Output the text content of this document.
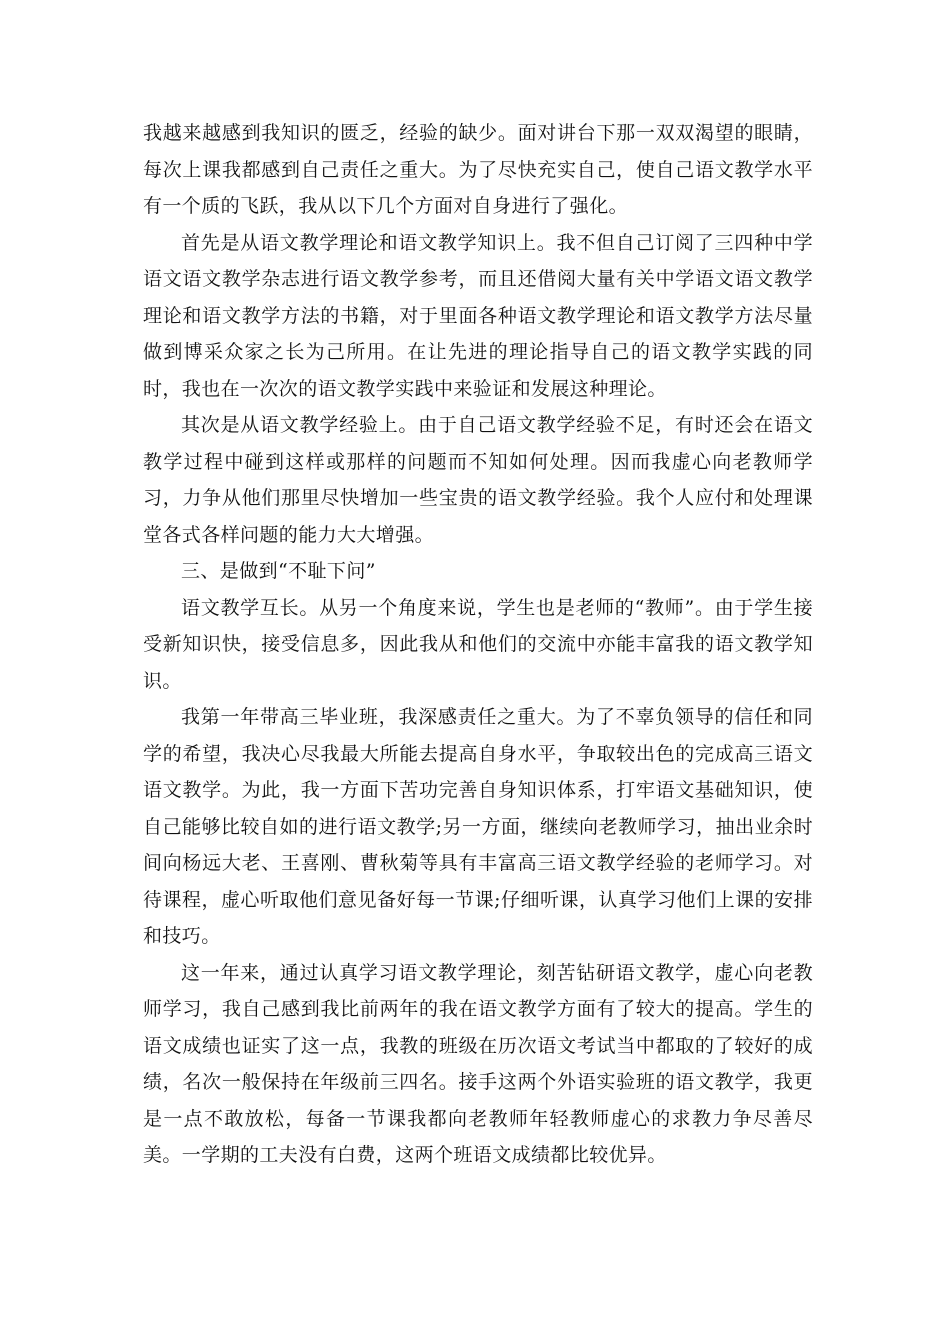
我越来越感到我知识的匮乏，经验的缺少。面对讲台下那一双双渴望的眼睛，每次上课我都感到自己责任之重大。为了尽快充实自己，使自己语文教学水平有一个质的飞跃，我从以下几个方面对自身进行了强化。

首先是从语文教学理论和语文教学知识上。我不但自己订阅了三四种中学语文语文教学杂志进行语文教学参考，而且还借阅大量有关中学语文语文教学理论和语文教学方法的书籍，对于里面各种语文教学理论和语文教学方法尽量做到博采众家之长为己所用。在让先进的理论指导自己的语文教学实践的同时，我也在一次次的语文教学实践中来验证和发展这种理论。

其次是从语文教学经验上。由于自己语文教学经验不足，有时还会在语文教学过程中碰到这样或那样的问题而不知如何处理。因而我虚心向老教师学习，力争从他们那里尽快增加一些宝贵的语文教学经验。我个人应付和处理课堂各式各样问题的能力大大增强。

三、是做到“不耻下问”

语文教学互长。从另一个角度来说，学生也是老师的“教师”。由于学生接受新知识快，接受信息多，因此我从和他们的交流中亦能丰富我的语文教学知识。

我第一年带高三毕业班，我深感责任之重大。为了不辜负领导的信任和同学的希望，我决心尽我最大所能去提高自身水平，争取较出色的完成高三语文语文教学。为此，我一方面下苦功完善自身知识体系，打牢语文基础知识，使自己能够比较自如的进行语文教学;另一方面，继续向老教师学习，抽出业余时间向杨远大老、王喜刚、曹秋菊等具有丰富高三语文教学经验的老师学习。对待课程，虚心听取他们意见备好每一节课;仔细听课，认真学习他们上课的安排和技巧。

这一年来，通过认真学习语文教学理论，刻苦钻研语文教学，虚心向老教师学习，我自己感到我比前两年的我在语文教学方面有了较大的提高。学生的语文成绩也证实了这一点，我教的班级在历次语文考试当中都取的了较好的成绩，名次一般保持在年级前三四名。接手这两个外语实验班的语文教学，我更是一点不敢放松，每备一节课我都向老教师年轻教师虚心的求教力争尽善尽美。一学期的工夫没有白费，这两个班语文成绩都比较优异。
